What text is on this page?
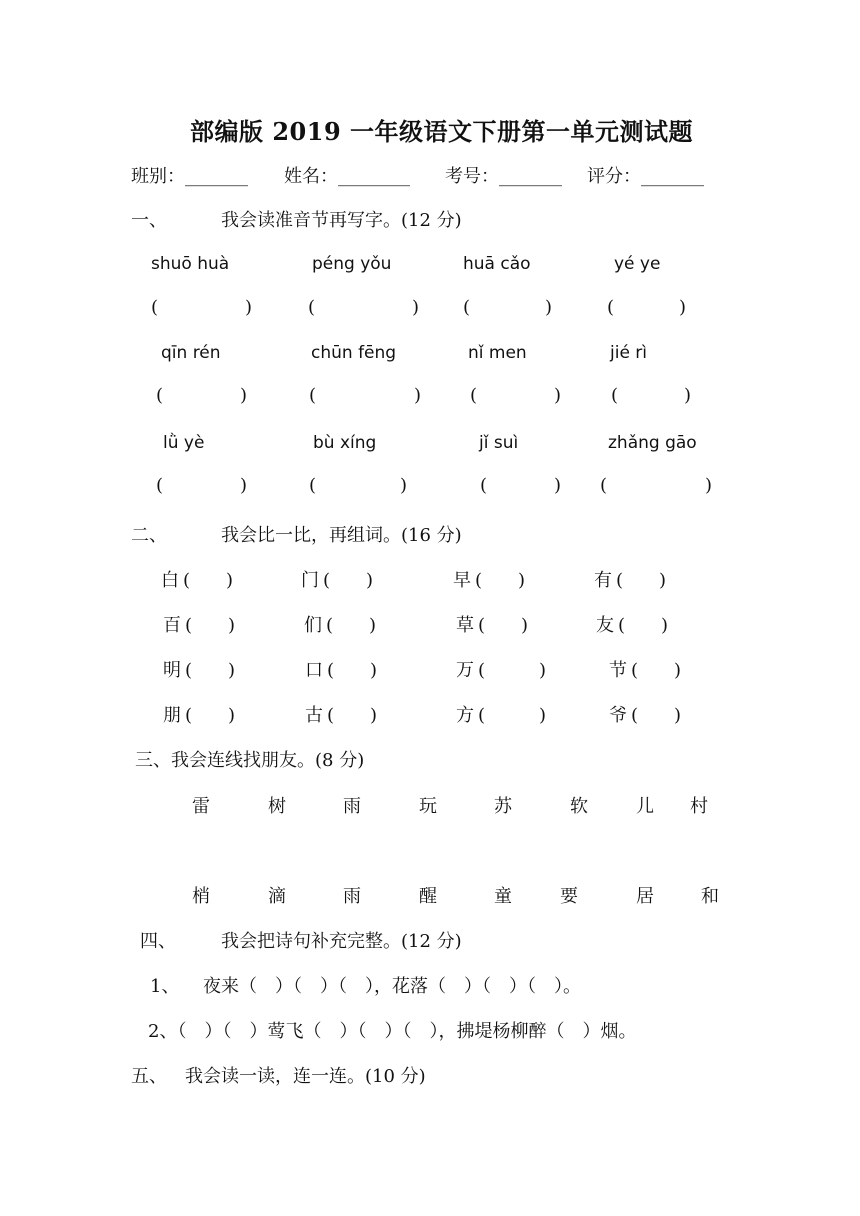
部编版 2019 一年级语文下册第一单元测试题
班别：_______ 姓名：________ 考号：_______ 评分：_______
一、	我会读准音节再写字。(12 分)
shuō huà	péng yǒu	huā cǎo	yé ye
(	)	(	) (	)	(	)
qīn rén	chūn fēng	nǐ men	jié rì
(	)	(	)	(	)	(	)
lǜ yè	bù xíng	jǐ suì	zhǎng gāo
(	)	(	)	(	) (	)
二、	我会比一比，再组词。(16 分)
白 (　　)	门 (　　)	早 (　　)	有 (　　)
百 (　　)	们 (　　)	草 (　　)	友 (　　)
明 (　　)	口 (　　)	万 (　　　)	节 (　　)
朋 (　　)	古 (　　)	方 (　　　)	爷 (　　)
三、我会连线找朋友。(8 分)
雷	树	雨	玩	苏	软	儿 村
梢	滴	雨	醒	童	要	居	和
四、	我会把诗句补充完整。(12 分)
1、 夜来（　）（　）（　），花落（　）（　）（　）。
2、（　）（　）莺飞（　）（　）（　），拂堤杨柳醉（　）烟。
五、 我会读一读，连一连。(10 分)
